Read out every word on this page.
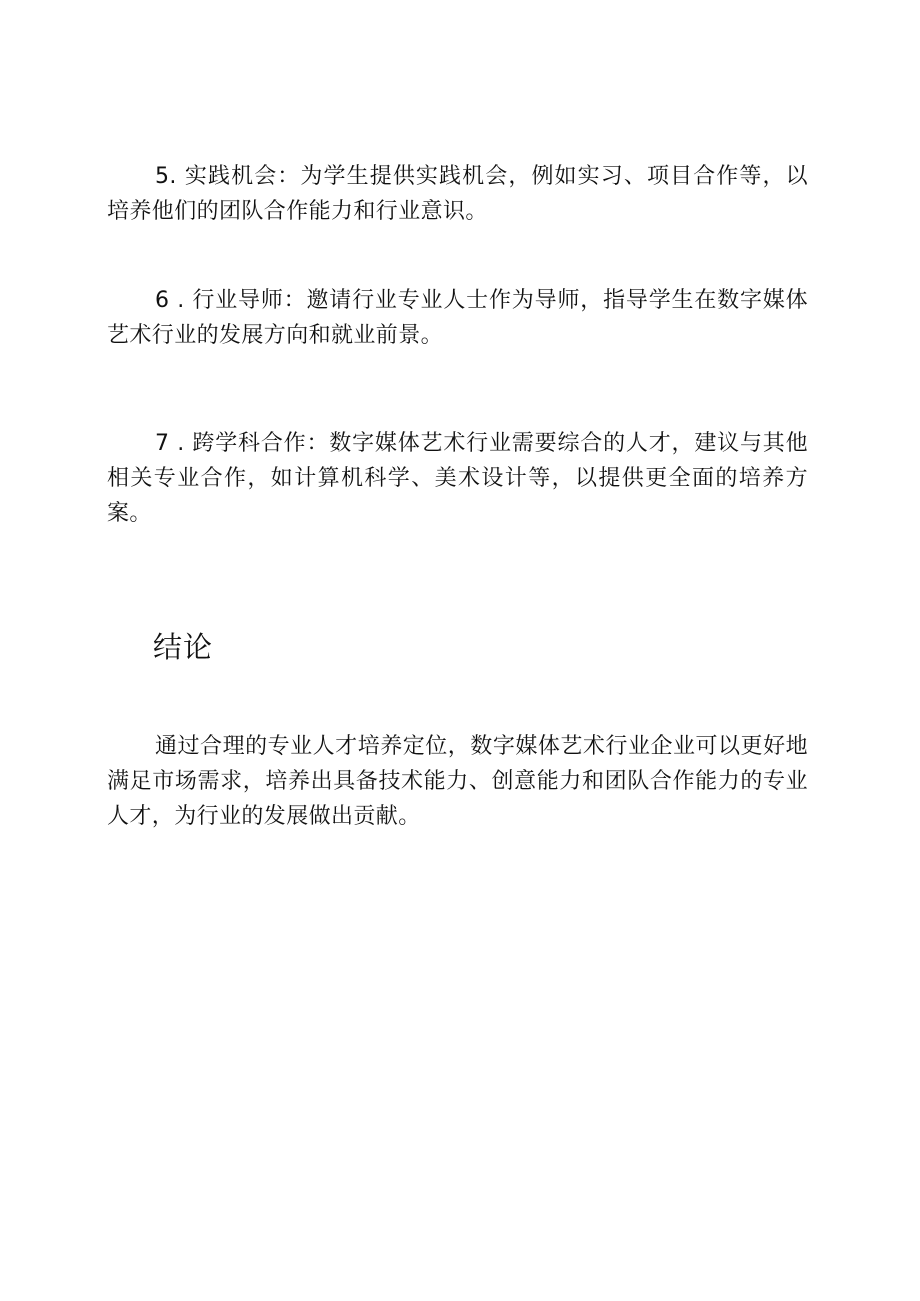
5. 实践机会：为学生提供实践机会，例如实习、项目合作等，以培养他们的团队合作能力和行业意识。

6 . 行业导师：邀请行业专业人士作为导师，指导学生在数字媒体艺术行业的发展方向和就业前景。

7 . 跨学科合作：数字媒体艺术行业需要综合的人才，建议与其他相关专业合作，如计算机科学、美术设计等，以提供更全面的培养方案。

结论

通过合理的专业人才培养定位，数字媒体艺术行业企业可以更好地满足市场需求，培养出具备技术能力、创意能力和团队合作能力的专业人才，为行业的发展做出贡献。
